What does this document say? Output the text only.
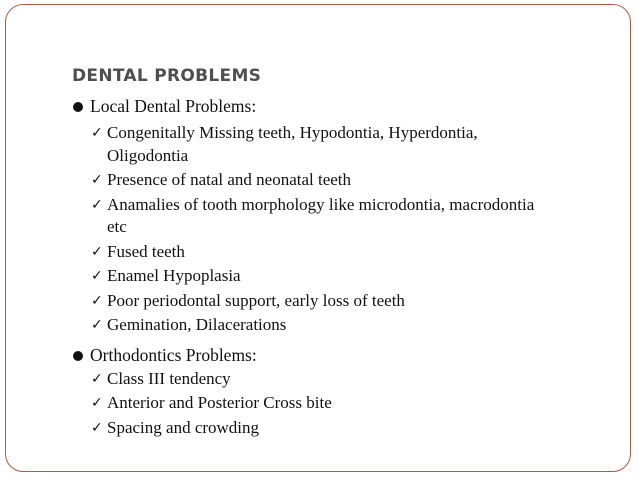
DENTAL PROBLEMS
Local Dental Problems:
✓ Congenitally Missing teeth, Hypodontia, Hyperdontia,
Oligodontia
✓ Presence of natal and neonatal teeth
✓ Anamalies of tooth morphology like microdontia, macrodontia
etc
✓ Fused teeth
✓ Enamel Hypoplasia
✓ Poor periodontal support, early loss of teeth
✓ Gemination, Dilacerations
Orthodontics Problems:
✓ Class III tendency
✓ Anterior and Posterior Cross bite
✓ Spacing and crowding
